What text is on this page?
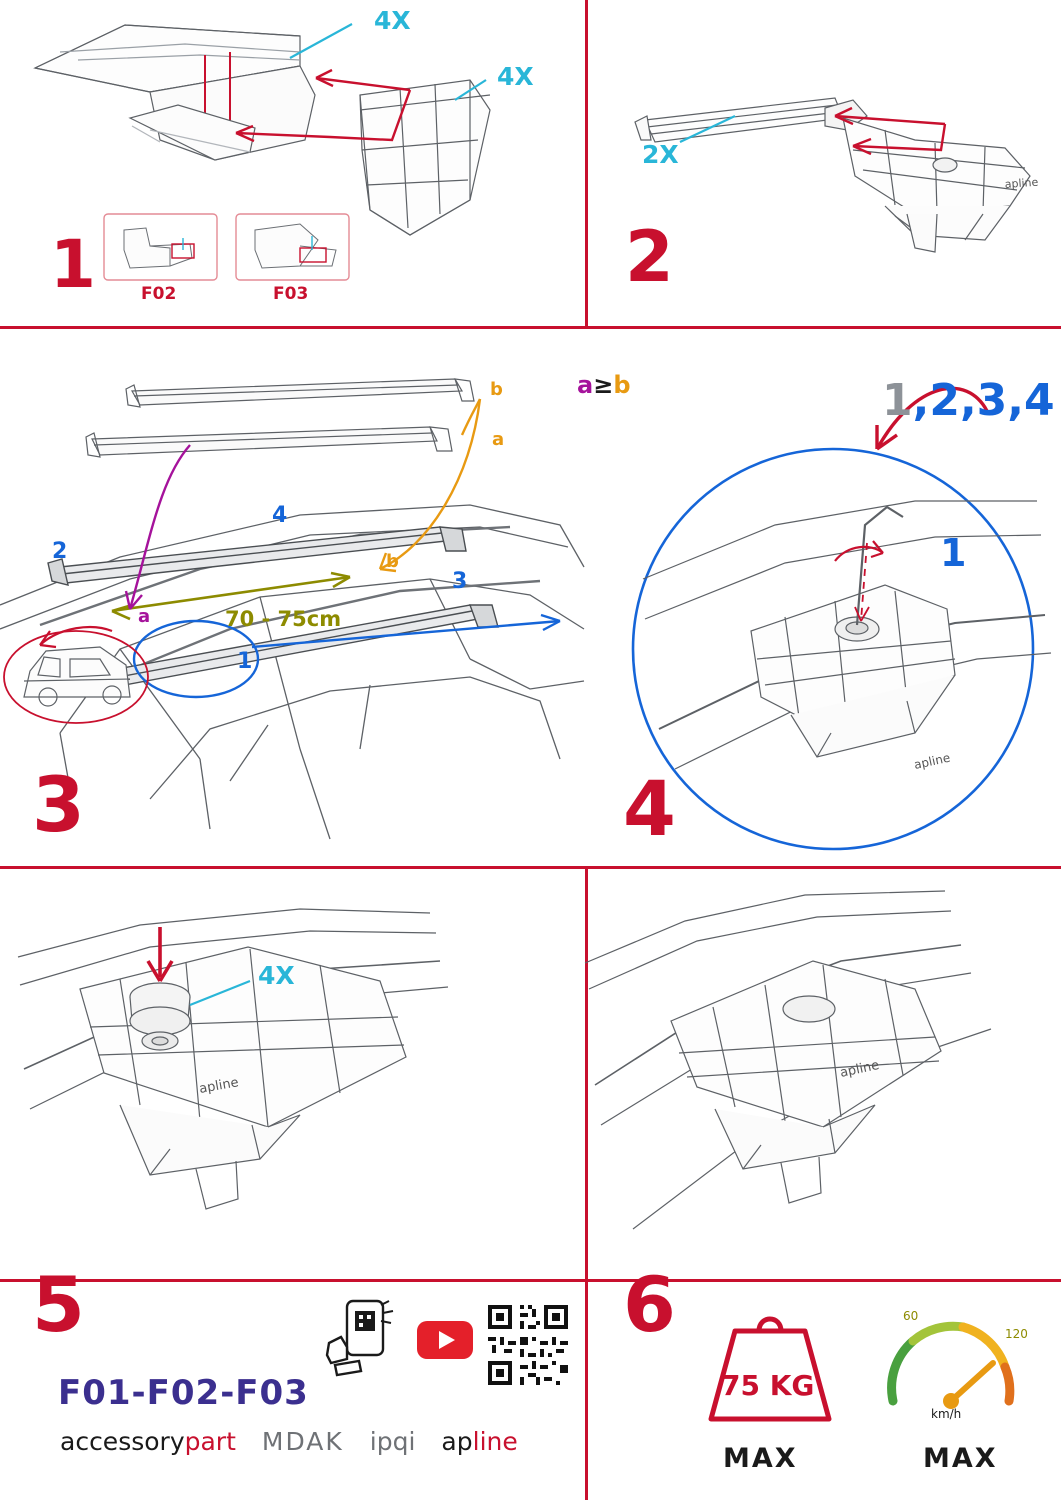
4X
4X
F02	F03
1
apline
2X
2
a
b
a
b	a≥b
70 - 75cm
1
2
3
4
3	apline
1,2,3,4
1
4
apline
4X
apline
5
F01-F02-F03
accessorypart MDAK ipqi apline
6
75 KG
MAX
60
120
km/h
MAX
